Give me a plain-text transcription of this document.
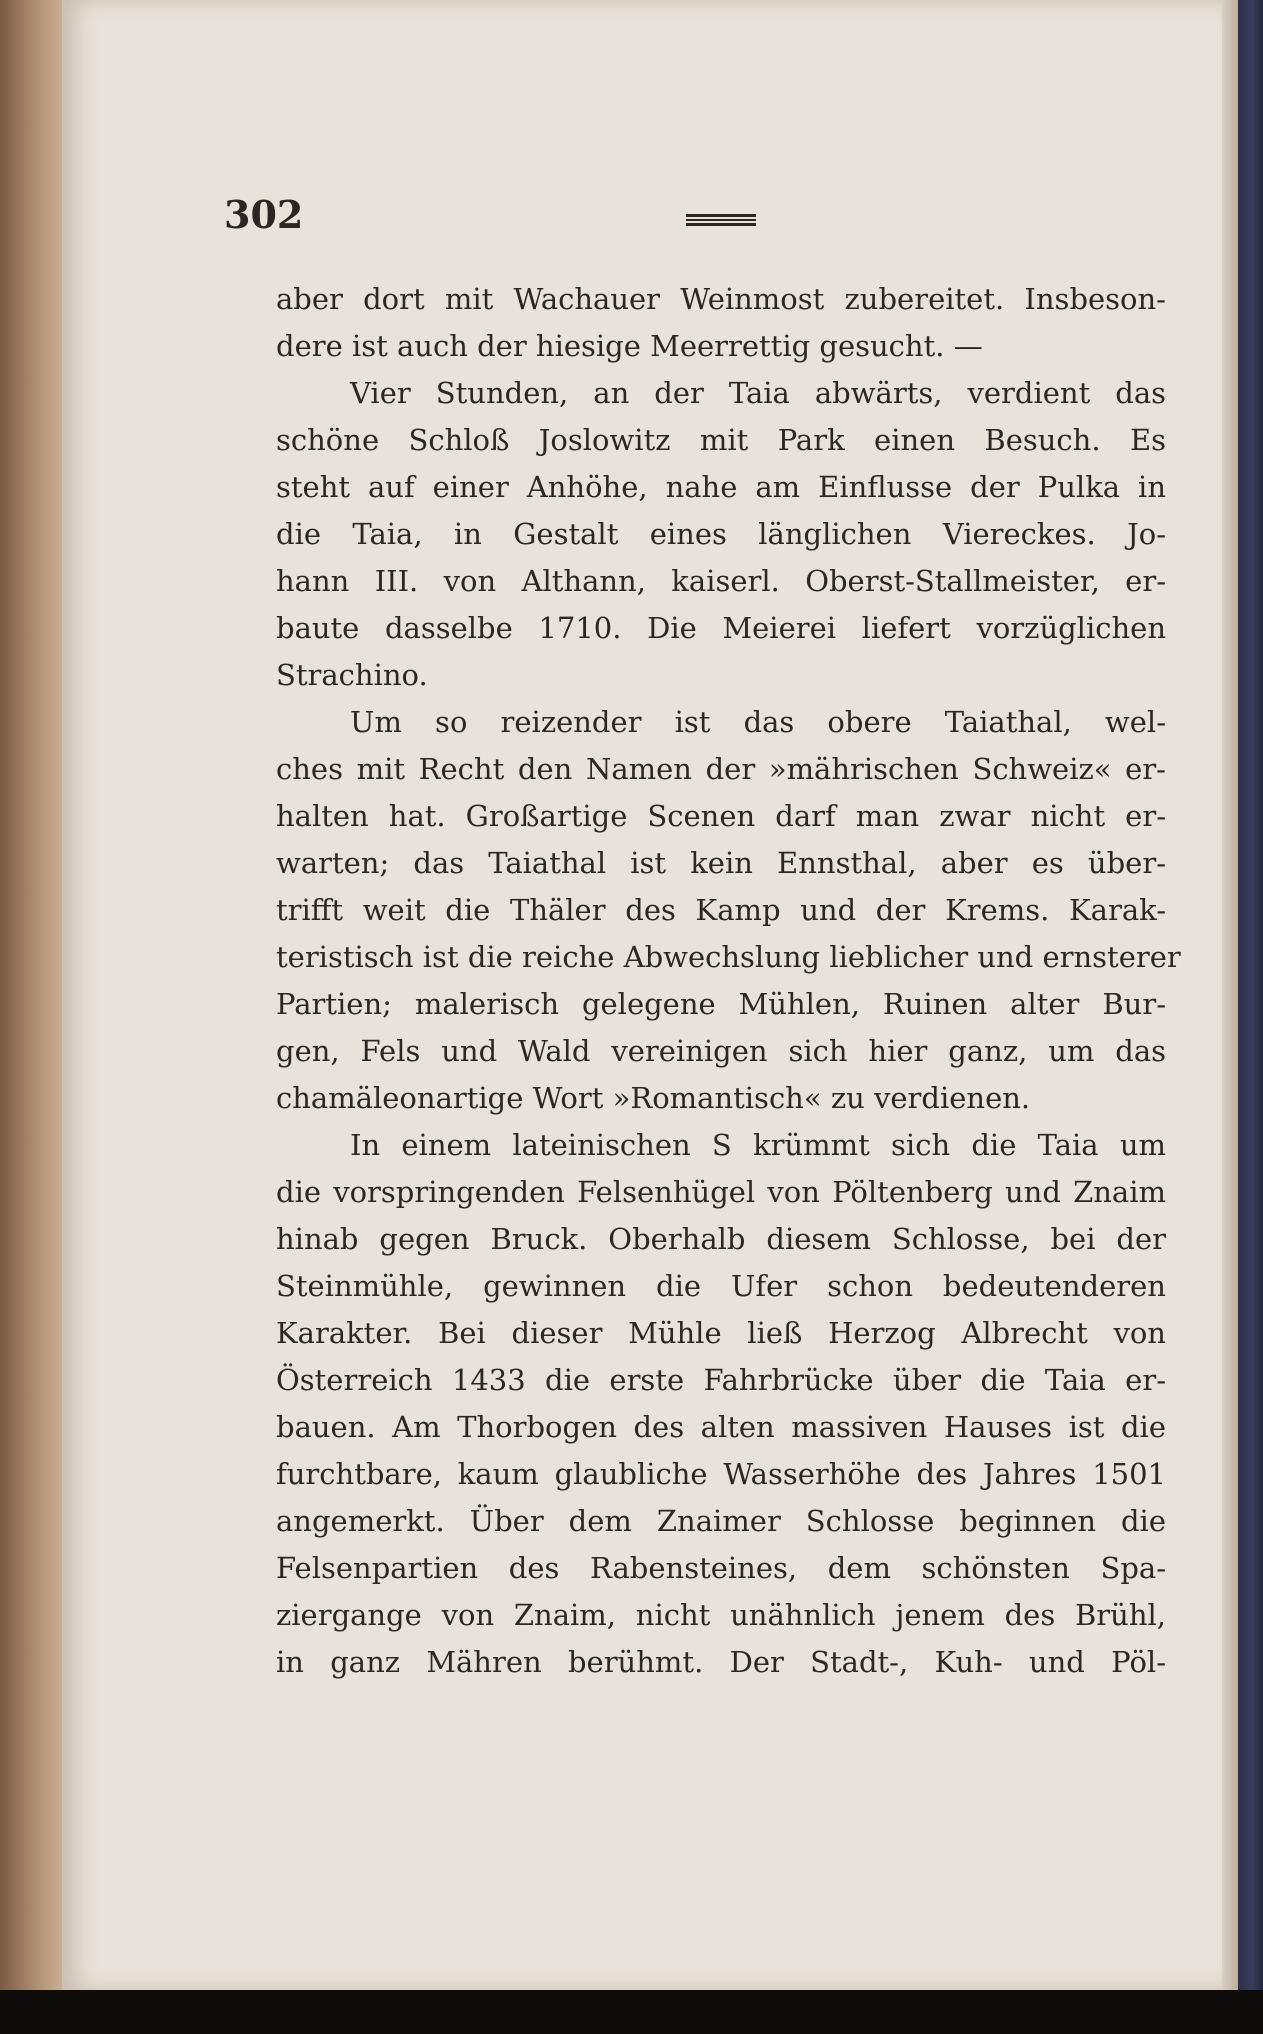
302
aber dort mit Wachauer Weinmost zubereitet. Insbeson-
dere ist auch der hiesige Meerrettig gesucht. —
Vier Stunden, an der Taia abwärts, verdient das
schöne Schloß Joslowitz mit Park einen Besuch. Es
steht auf einer Anhöhe, nahe am Einflusse der Pulka in
die Taia, in Gestalt eines länglichen Viereckes. Jo-
hann III. von Althann, kaiserl. Oberst-Stallmeister, er-
baute dasselbe 1710. Die Meierei liefert vorzüglichen
Strachino.
Um so reizender ist das obere Taiathal, wel-
ches mit Recht den Namen der »mährischen Schweiz« er-
halten hat. Großartige Scenen darf man zwar nicht er-
warten; das Taiathal ist kein Ennsthal, aber es über-
trifft weit die Thäler des Kamp und der Krems. Karak-
teristisch ist die reiche Abwechslung lieblicher und ernsterer
Partien; malerisch gelegene Mühlen, Ruinen alter Bur-
gen, Fels und Wald vereinigen sich hier ganz, um das
chamäleonartige Wort »Romantisch« zu verdienen.
In einem lateinischen S krümmt sich die Taia um
die vorspringenden Felsenhügel von Pöltenberg und Znaim
hinab gegen Bruck. Oberhalb diesem Schlosse, bei der
Steinmühle, gewinnen die Ufer schon bedeutenderen
Karakter. Bei dieser Mühle ließ Herzog Albrecht von
Österreich 1433 die erste Fahrbrücke über die Taia er-
bauen. Am Thorbogen des alten massiven Hauses ist die
furchtbare, kaum glaubliche Wasserhöhe des Jahres 1501
angemerkt. Über dem Znaimer Schlosse beginnen die
Felsenpartien des Rabensteines, dem schönsten Spa-
ziergange von Znaim, nicht unähnlich jenem des Brühl,
in ganz Mähren berühmt. Der Stadt-, Kuh- und Pöl-
